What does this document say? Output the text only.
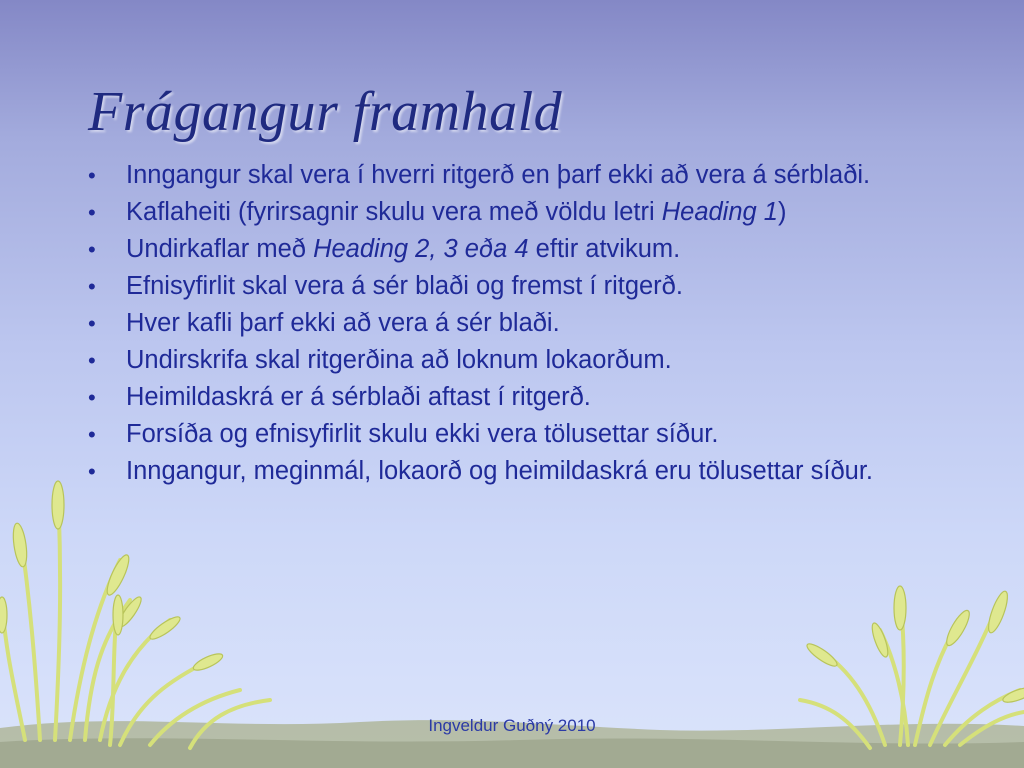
Frágangur framhald
• Inngangur skal vera í hverri ritgerð en þarf ekki að vera á sérblaði.
• Kaflaheiti (fyrirsagnir skulu vera með völdu letri Heading 1)
• Undirkaflar með Heading 2, 3 eða 4 eftir atvikum.
• Efnisyfirlit skal vera á sér blaði og fremst í ritgerð.
• Hver kafli þarf ekki að vera á sér blaði.
• Undirskrifa skal ritgerðina að loknum lokaorðum.
• Heimildaskrá er á sérblaði aftast í ritgerð.
• Forsíða og efnisyfirlit skulu ekki vera tölusettar síður.
• Inngangur, meginmál, lokaorð og heimildaskrá eru tölusettar síður.
Ingveldur Guðný 2010
